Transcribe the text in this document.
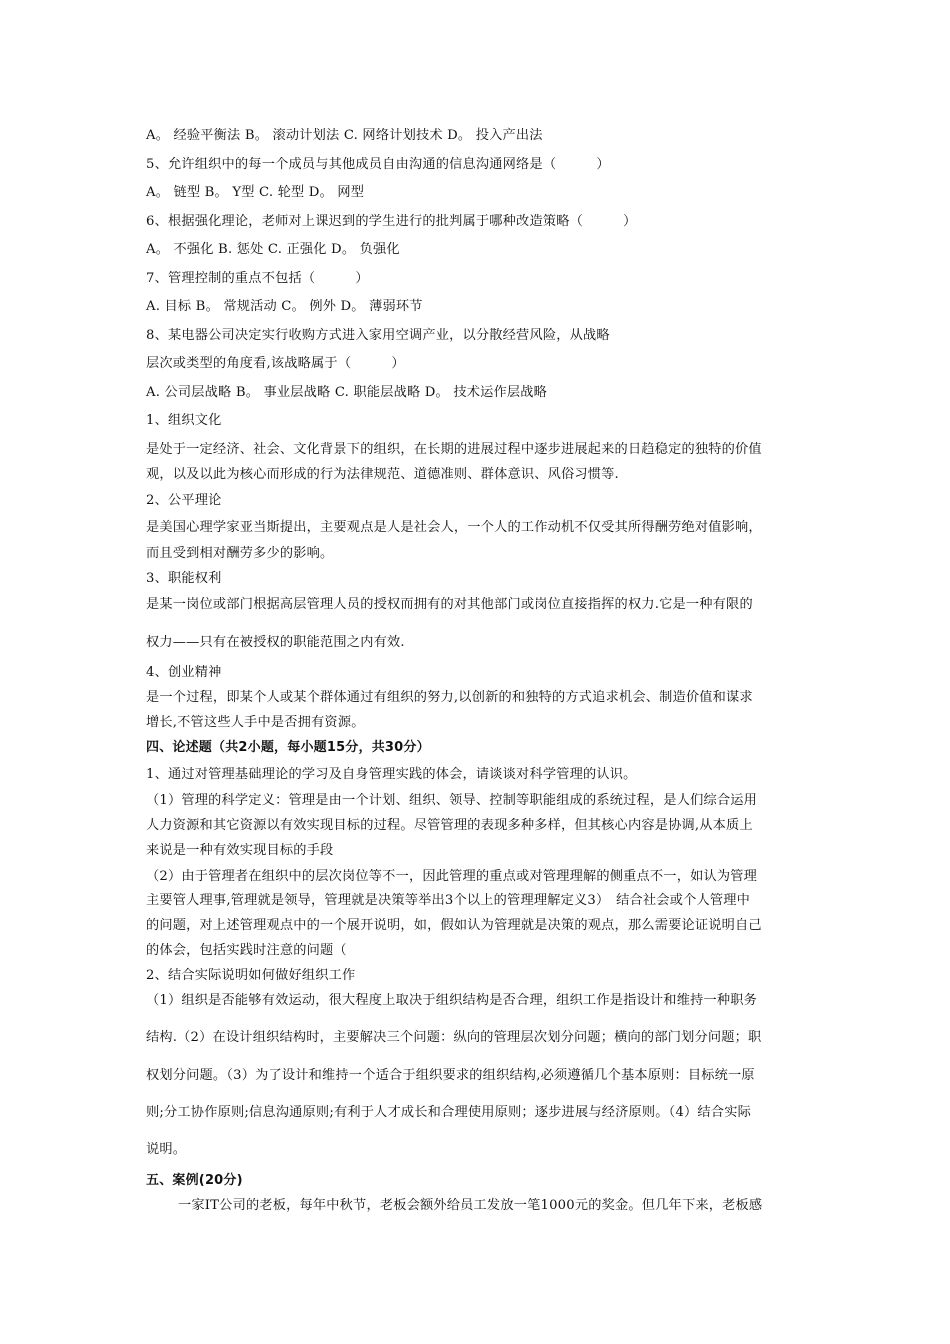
A。 经验平衡法 B。 滚动计划法 C. 网络计划技术 D。 投入产出法
5、允许组织中的每一个成员与其他成员自由沟通的信息沟通网络是（　　　）
A。 链型 B。 Y型 C. 轮型 D。 网型
6、根据强化理论，老师对上课迟到的学生进行的批判属于哪种改造策略（　　　）
A。 不强化 B. 惩处 C. 正强化 D。 负强化
7、管理控制的重点不包括（　　　）
A. 目标 B。 常规活动 C。 例外 D。 薄弱环节
8、某电器公司决定实行收购方式进入家用空调产业，以分散经营风险，从战略
层次或类型的角度看,该战略属于（　　　）
A. 公司层战略 B。 事业层战略 C. 职能层战略 D。 技术运作层战略
1、组织文化
是处于一定经济、社会、文化背景下的组织，在长期的进展过程中逐步进展起来的日趋稳定的独特的价值
观，以及以此为核心而形成的行为法律规范、道德准则、群体意识、风俗习惯等.
2、公平理论
是美国心理学家亚当斯提出，主要观点是人是社会人，一个人的工作动机不仅受其所得酬劳绝对值影响，
而且受到相对酬劳多少的影响。
3、职能权利
是某一岗位或部门根据高层管理人员的授权而拥有的对其他部门或岗位直接指挥的权力.它是一种有限的
权力——只有在被授权的职能范围之内有效.
4、创业精神
是一个过程，即某个人或某个群体通过有组织的努力,以创新的和独特的方式追求机会、制造价值和谋求
增长,不管这些人手中是否拥有资源。
四、论述题（共2小题，每小题15分，共30分）
1、通过对管理基础理论的学习及自身管理实践的体会，请谈谈对科学管理的认识。
（1）管理的科学定义：管理是由一个计划、组织、领导、控制等职能组成的系统过程，是人们综合运用
人力资源和其它资源以有效实现目标的过程。尽管管理的表现多种多样，但其核心内容是协调,从本质上
来说是一种有效实现目标的手段
（2）由于管理者在组织中的层次岗位等不一，因此管理的重点或对管理理解的侧重点不一，如认为管理
主要管人理事,管理就是领导，管理就是决策等举出3个以上的管理理解定义3）　结合社会或个人管理中
的问题，对上述管理观点中的一个展开说明，如，假如认为管理就是决策的观点，那么需要论证说明自己
的体会，包括实践时注意的问题（
2、结合实际说明如何做好组织工作
（1）组织是否能够有效运动，很大程度上取决于组织结构是否合理，组织工作是指设计和维持一种职务
结构.（2）在设计组织结构时，主要解决三个问题：纵向的管理层次划分问题；横向的部门划分问题；职
权划分问题。（3）为了设计和维持一个适合于组织要求的组织结构,必须遵循几个基本原则：目标统一原
则;分工协作原则;信息沟通原则;有利于人才成长和合理使用原则；逐步进展与经济原则。（4）结合实际
说明。
五、案例(20分)
一家IT公司的老板，每年中秋节，老板会额外给员工发放一笔1000元的奖金。但几年下来，老板感
